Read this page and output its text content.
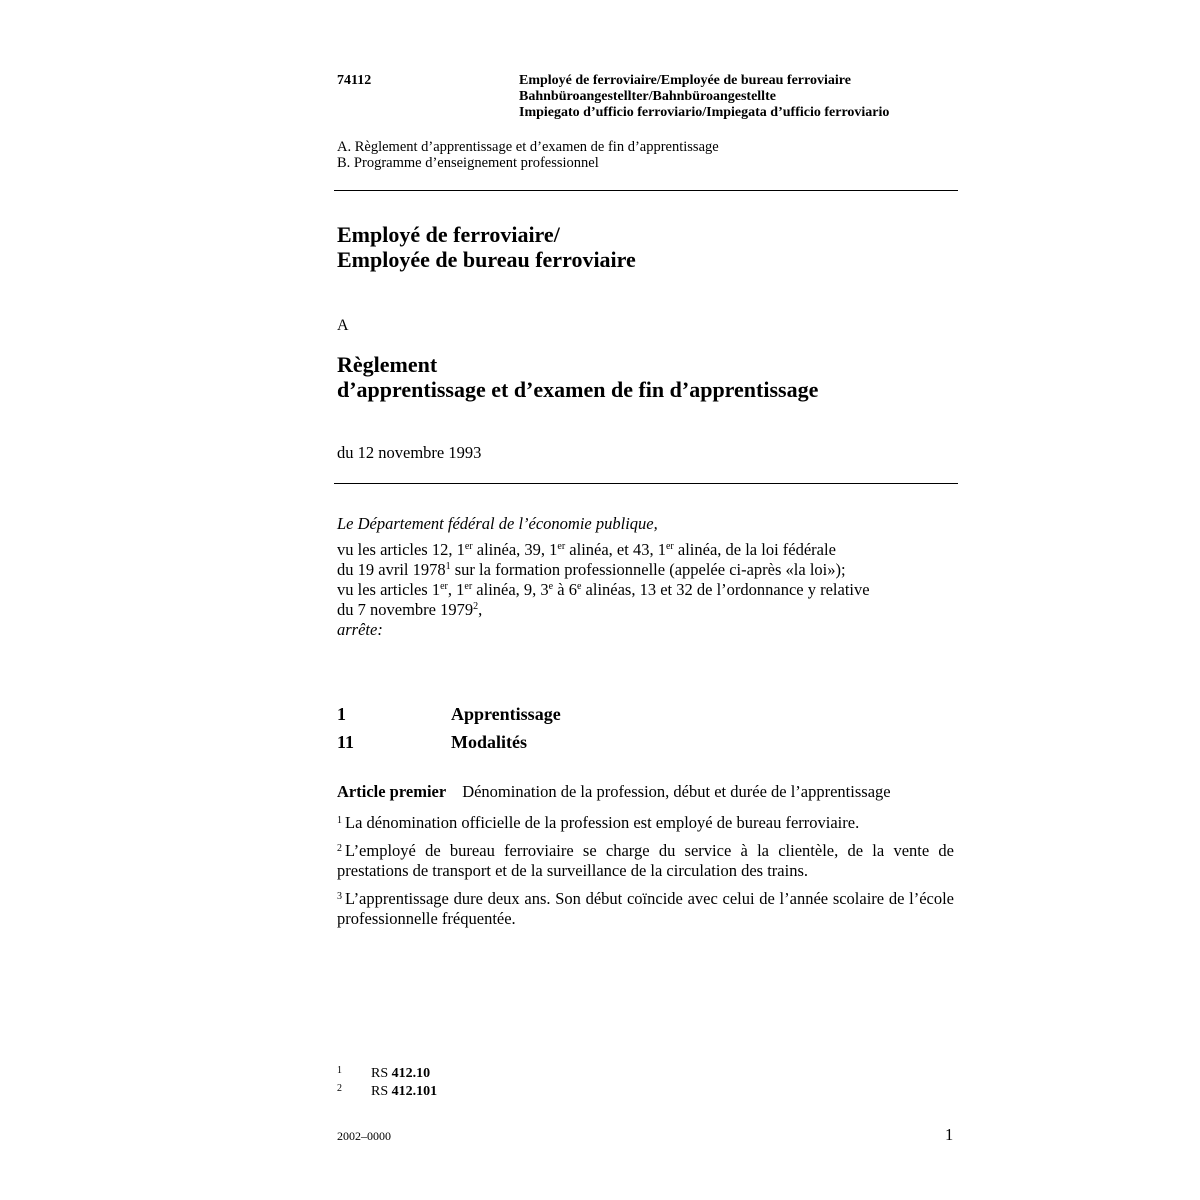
74112	Employé de ferroviaire/Employée de bureau ferroviaire
Bahnbüroangestellter/Bahnbüroangestellte
Impiegato d’ufficio ferroviario/Impiegata d’ufficio ferroviario
A. Règlement d’apprentissage et d’examen de fin d’apprentissage
B. Programme d’enseignement professionnel
Employé de ferroviaire/
Employée de bureau ferroviaire
A
Règlement
d’apprentissage et d’examen de fin d’apprentissage
du 12 novembre 1993
Le Département fédéral de l’économie publique,
vu les articles 12, 1er alinéa, 39, 1er alinéa, et 43, 1er alinéa, de la loi fédérale
du 19 avril 1978$^1$ sur la formation professionnelle (appelée ci-après «la loi»);
vu les articles 1er, 1er alinéa, 9, 3e à 6e alinéas, 13 et 32 de l’ordonnance y relative
du 7 novembre 1979$^2$,
arrête:
1	Apprentissage
11	Modalités
Article premier Dénomination de la profession, début et durée de l’apprentissage
$^1$ La dénomination officielle de la profession est employé de bureau ferroviaire.
$^2$ L’employé de bureau ferroviaire se charge du service à la clientèle, de la vente de prestations de transport et de la surveillance de la circulation des trains.
$^3$ L’apprentissage dure deux ans. Son début coïncide avec celui de l’année scolaire de l’école professionnelle fréquentée.
1 RS 412.10
2 RS 412.101
2002–0000	1
